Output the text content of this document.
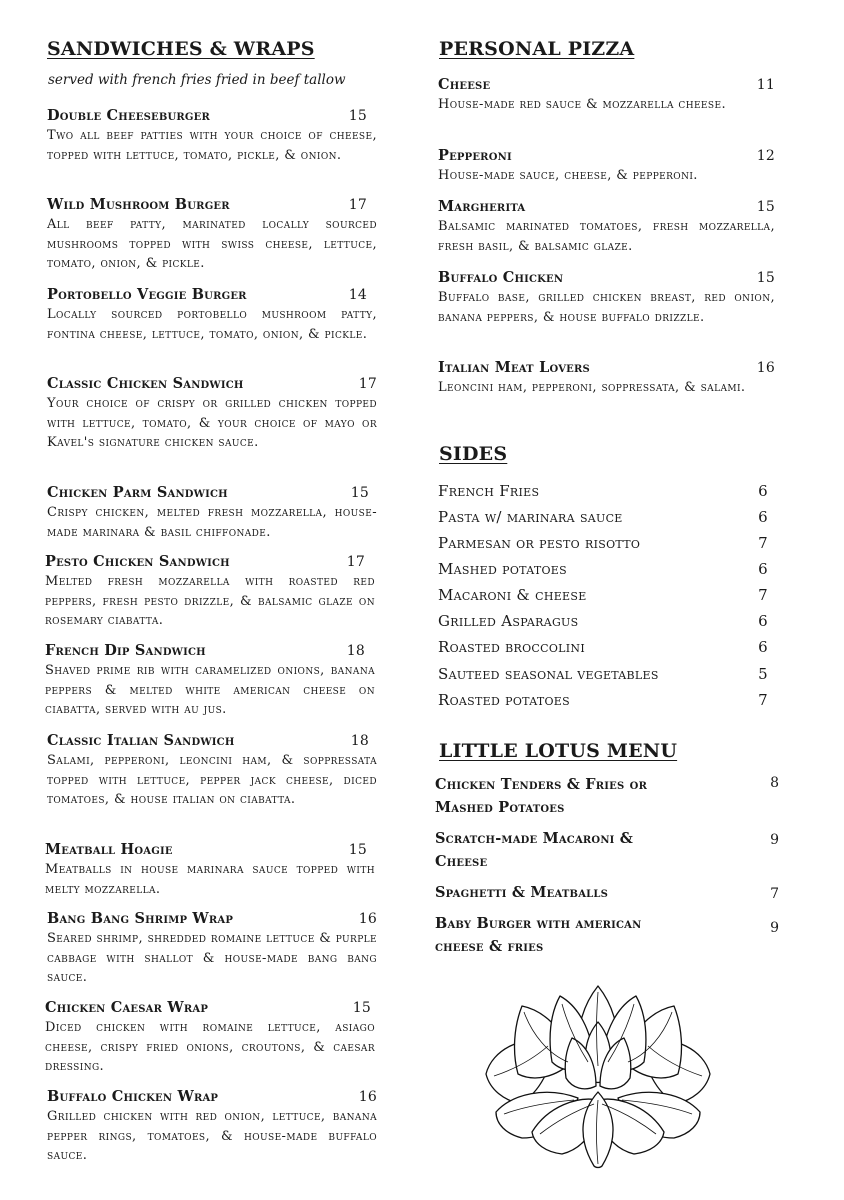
SANDWICHES & WRAPS
served with french fries fried in beef tallow
Double Cheeseburger	15
Two all beef patties with your choice of cheese, topped with lettuce, tomato, pickle, & onion.
Wild Mushroom Burger	17
All beef patty, marinated locally sourced mushrooms topped with swiss cheese, lettuce, tomato, onion, & pickle.
Portobello Veggie Burger	14
Locally sourced portobello mushroom patty, fontina cheese, lettuce, tomato, onion, & pickle.
Classic Chicken Sandwich	17
Your choice of crispy or grilled chicken topped with lettuce, tomato, & your choice of mayo or Kavel's signature chicken sauce.
Chicken Parm Sandwich	15
Crispy chicken, melted fresh mozzarella, house-made marinara & basil chiffonade.
Pesto Chicken Sandwich	17
Melted fresh mozzarella with roasted red peppers, fresh pesto drizzle, & balsamic glaze on rosemary ciabatta.
French Dip Sandwich	18
Shaved prime rib with caramelized onions, banana peppers & melted white american cheese on ciabatta, served with au jus.
Classic Italian Sandwich	18
Salami, pepperoni, leoncini ham, & soppressata topped with lettuce, pepper jack cheese, diced tomatoes, & house italian on ciabatta.
Meatball Hoagie	15
Meatballs in house marinara sauce topped with melty mozzarella.
Bang Bang Shrimp Wrap	16
Seared shrimp, shredded romaine lettuce & purple cabbage with shallot & house-made bang bang sauce.
Chicken Caesar Wrap	15
Diced chicken with romaine lettuce, asiago cheese, crispy fried onions, croutons, & caesar dressing.
Buffalo Chicken Wrap	16
Grilled chicken with red onion, lettuce, banana pepper rings, tomatoes, & house-made buffalo sauce.
PERSONAL PIZZA
Cheese	11
House-made red sauce & mozzarella cheese.
Pepperoni	12
House-made sauce, cheese, & pepperoni.
Margherita	15
Balsamic marinated tomatoes, fresh mozzarella, fresh basil, & balsamic glaze.
Buffalo Chicken	15
Buffalo base, grilled chicken breast, red onion, banana peppers, & house buffalo drizzle.
Italian Meat Lovers	16
Leoncini ham, pepperoni, soppressata, & salami.
SIDES
French Fries	6
Pasta w/ marinara sauce	6
Parmesan or pesto risotto	7
Mashed potatoes	6
Macaroni & cheese	7
Grilled Asparagus	6
Roasted broccolini	6
Sauteed seasonal vegetables	5
Roasted potatoes	7
LITTLE LOTUS MENU
Chicken Tenders & Fries or Mashed Potatoes
8
Scratch-made Macaroni & Cheese
9
Spaghetti & Meatballs	7
Baby Burger with american cheese & fries
9
